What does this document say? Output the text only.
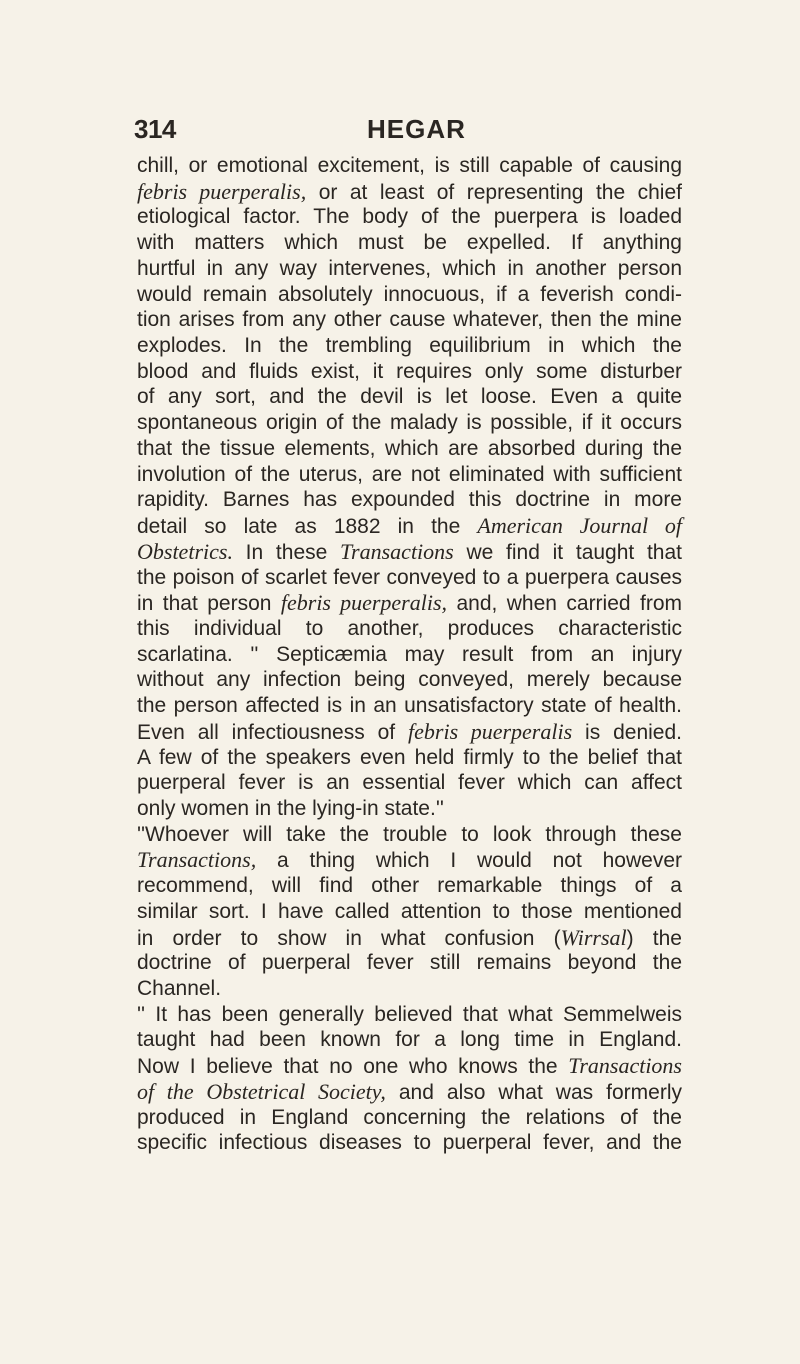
314	HEGAR
chill, or emotional excitement, is still capable of causing
febris puerperalis, or at least of representing the chief
etiological factor. The body of the puerpera is loaded
with matters which must be expelled. If anything
hurtful in any way intervenes, which in another person
would remain absolutely innocuous, if a feverish condi-
tion arises from any other cause whatever, then the mine
explodes. In the trembling equilibrium in which the
blood and fluids exist, it requires only some disturber
of any sort, and the devil is let loose. Even a quite
spontaneous origin of the malady is possible, if it occurs
that the tissue elements, which are absorbed during the
involution of the uterus, are not eliminated with sufficient
rapidity. Barnes has expounded this doctrine in more
detail so late as 1882 in the American Journal of
Obstetrics. In these Transactions we find it taught that
the poison of scarlet fever conveyed to a puerpera causes
in that person febris puerperalis, and, when carried from
this individual to another, produces characteristic
scarlatina. '' Septicæmia may result from an injury
without any infection being conveyed, merely because
the person affected is in an unsatisfactory state of health.
Even all infectiousness of febris puerperalis is denied.
A few of the speakers even held firmly to the belief that
puerperal fever is an essential fever which can affect
only women in the lying-in state.''
''Whoever will take the trouble to look through these
Transactions, a thing which I would not however
recommend, will find other remarkable things of a
similar sort. I have called attention to those mentioned
in order to show in what confusion (Wirrsal) the
doctrine of puerperal fever still remains beyond the
Channel.
'' It has been generally believed that what Semmelweis
taught had been known for a long time in England.
Now I believe that no one who knows the Transactions
of the Obstetrical Society, and also what was formerly
produced in England concerning the relations of the
specific infectious diseases to puerperal fever, and the
